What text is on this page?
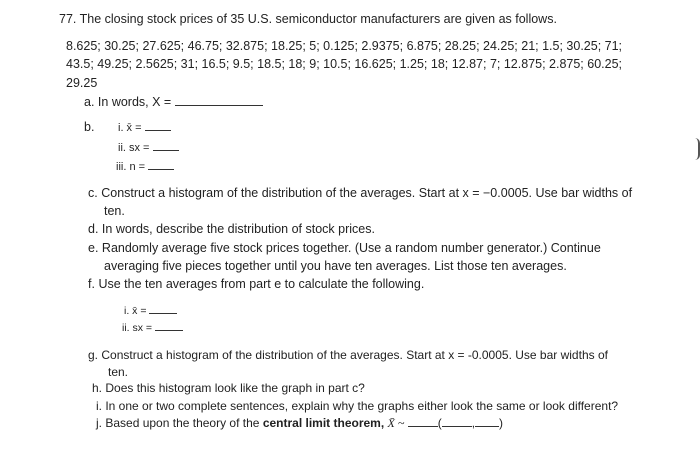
77. The closing stock prices of 35 U.S. semiconductor manufacturers are given as follows.
8.625; 30.25; 27.625; 46.75; 32.875; 18.25; 5; 0.125; 2.9375; 6.875; 28.25; 24.25; 21; 1.5; 30.25; 71;
43.5; 49.25; 2.5625; 31; 16.5; 9.5; 18.5; 18; 9; 10.5; 16.625; 1.25; 18; 12.87; 7; 12.875; 2.875; 60.25;
29.25
a. In words, X =
b. i. x̄ =
ii. sx =
iii. n =
c. Construct a histogram of the distribution of the averages. Start at x = −0.0005. Use bar widths of
ten.
d. In words, describe the distribution of stock prices.
e. Randomly average five stock prices together. (Use a random number generator.) Continue
averaging five pieces together until you have ten averages. List those ten averages.
f. Use the ten averages from part e to calculate the following.
i. x̄ =
ii. sx =
g. Construct a histogram of the distribution of the averages. Start at x = -0.0005. Use bar widths of
ten.
h. Does this histogram look like the graph in part c?
i. In one or two complete sentences, explain why the graphs either look the same or look different?
j. Based upon the theory of the central limit theorem, X̄ ~	(	, )
